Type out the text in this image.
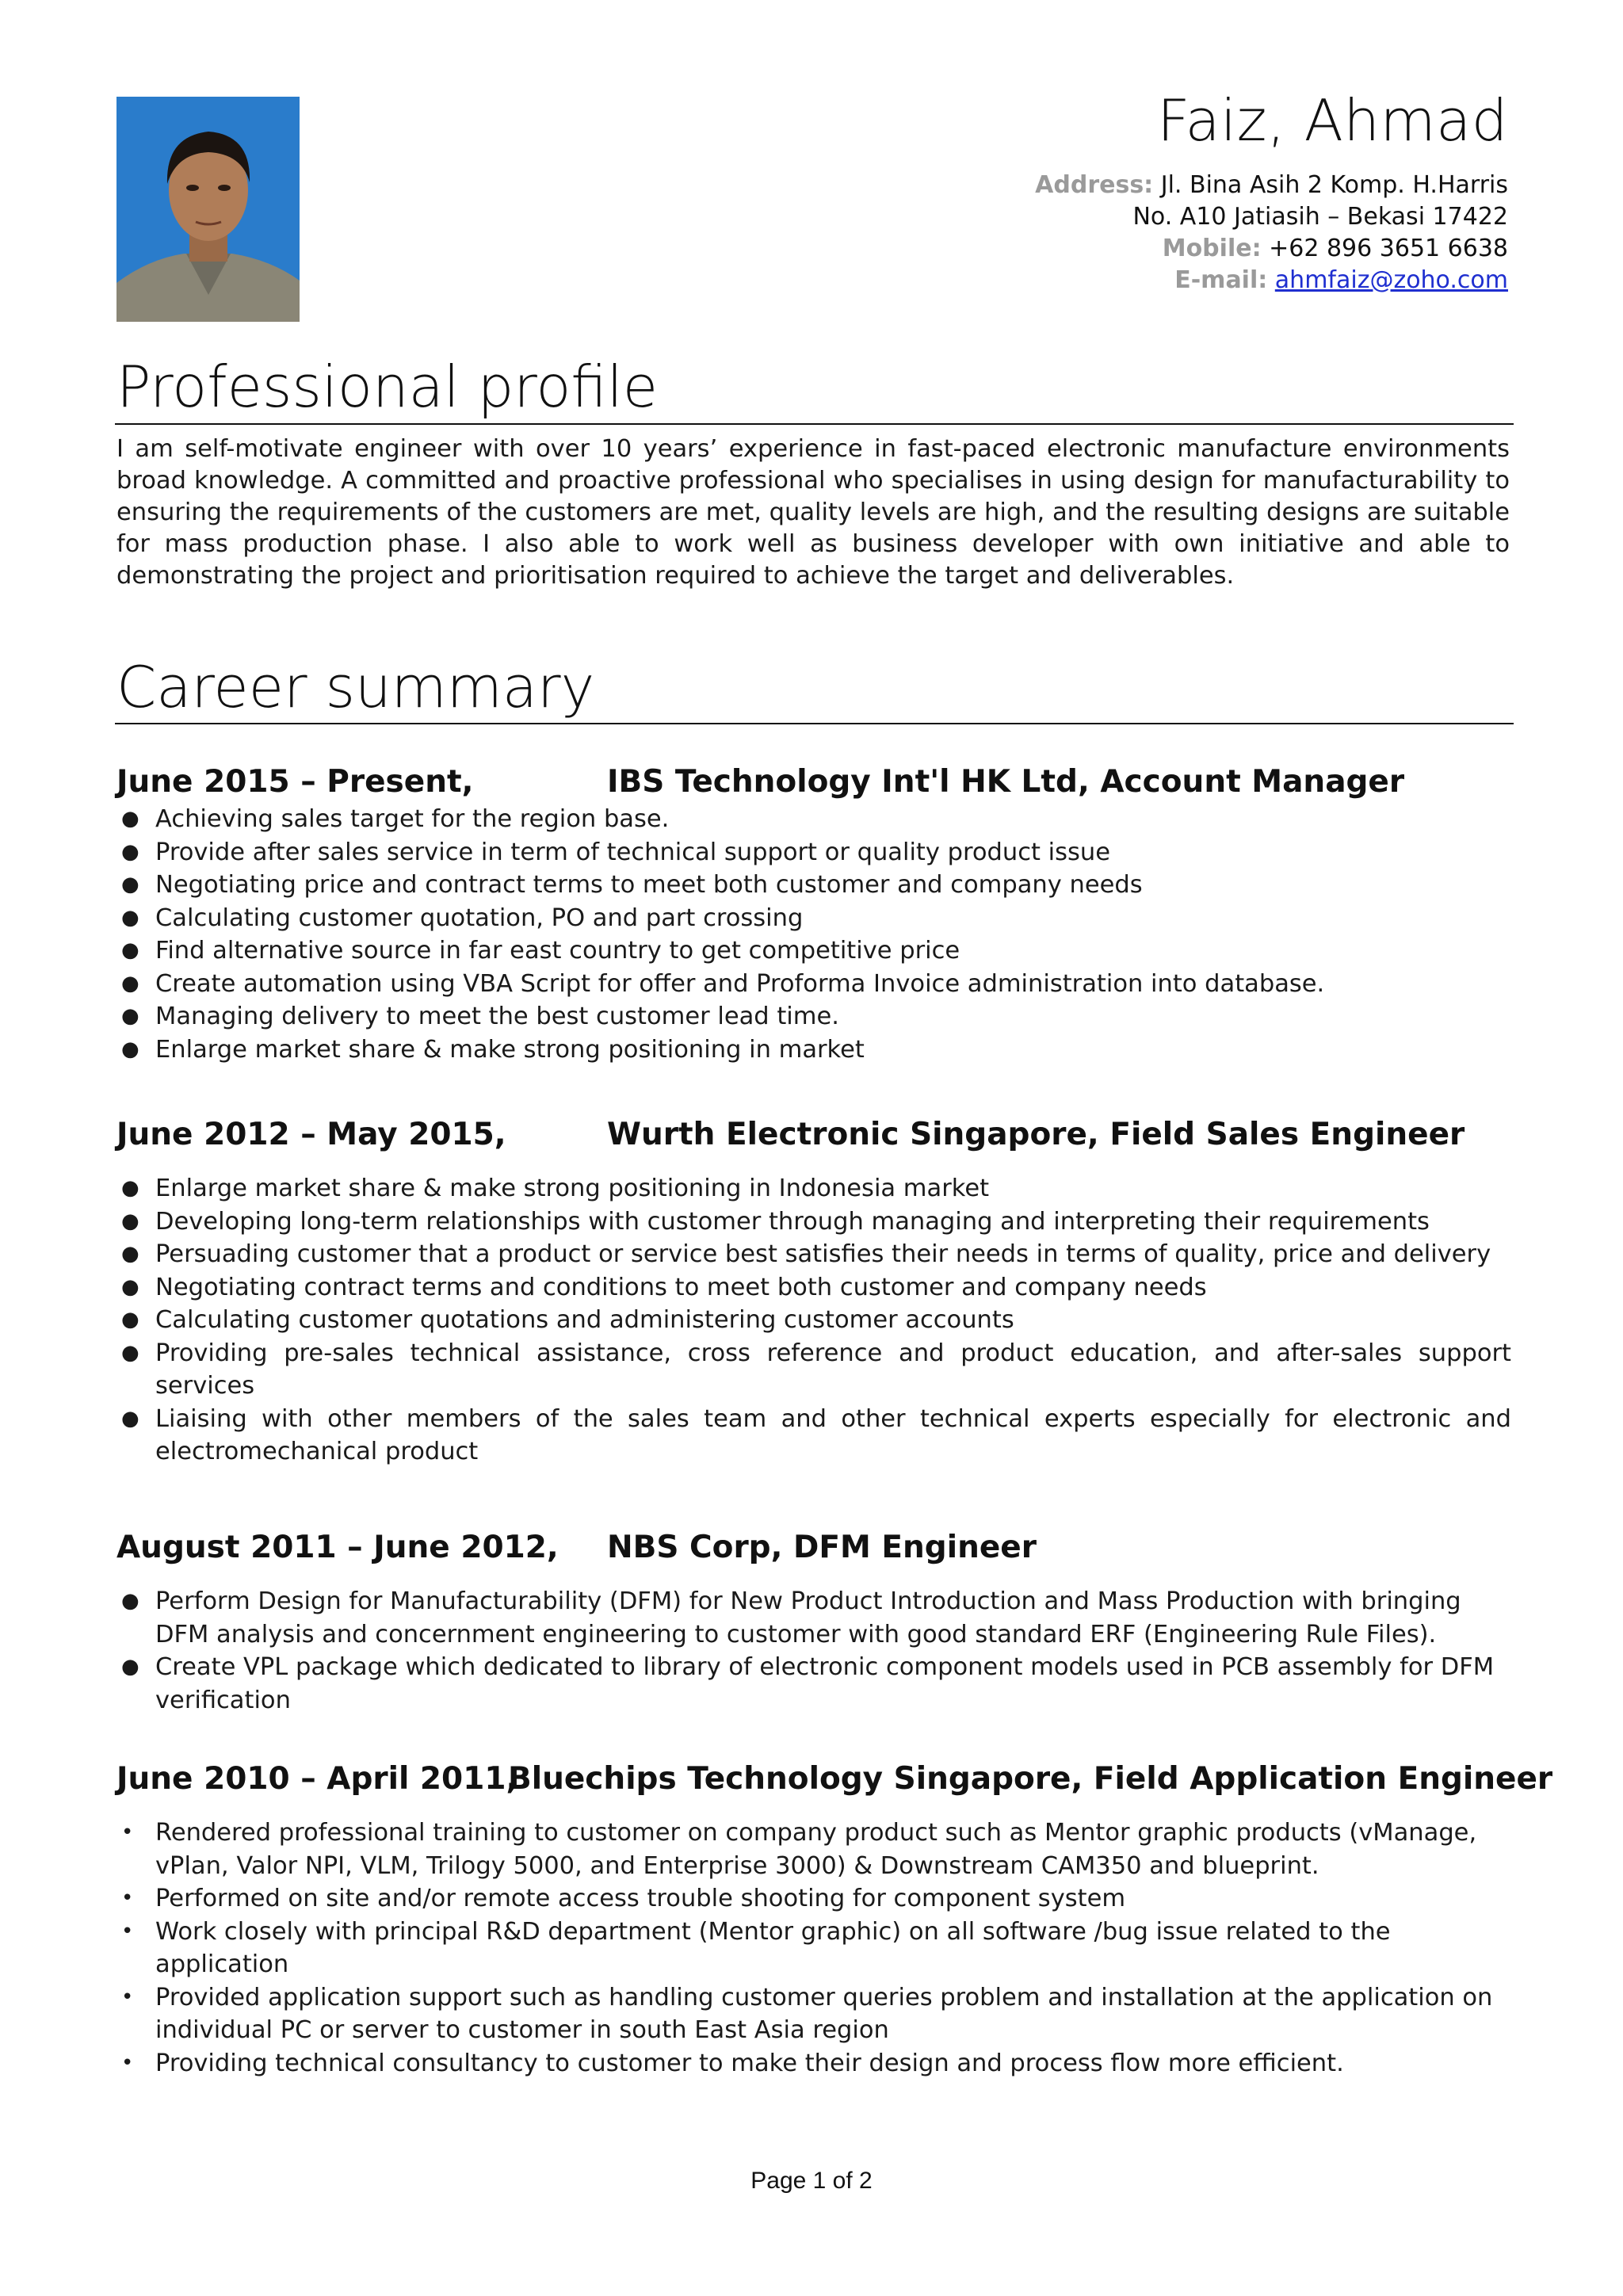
Faiz, Ahmad
Address: Jl. Bina Asih 2 Komp. H.Harris
No. A10 Jatiasih – Bekasi 17422
Mobile: +62 896 3651 6638
E-mail: ahmfaiz@zoho.com
Professional profile
I am self-motivate engineer with over 10 years’ experience in fast-paced electronic manufacture environments broad knowledge. A committed and proactive professional who specialises in using design for manufacturability to ensuring the requirements of the customers are met, quality levels are high, and the resulting designs are suitable for mass production phase. I also able to work well as business developer with own initiative and able to demonstrating the project and prioritisation required to achieve the target and deliverables.
Career summary
June 2015 – Present,	IBS Technology Int'l HK Ltd, Account Manager
● Achieving sales target for the region base.
● Provide after sales service in term of technical support or quality product issue
● Negotiating price and contract terms to meet both customer and company needs
● Calculating customer quotation, PO and part crossing
● Find alternative source in far east country to get competitive price
● Create automation using VBA Script for offer and Proforma Invoice administration into database.
● Managing delivery to meet the best customer lead time.
● Enlarge market share & make strong positioning in market
June 2012 – May 2015,	Wurth Electronic Singapore, Field Sales Engineer
● Enlarge market share & make strong positioning in Indonesia market
● Developing long-term relationships with customer through managing and interpreting their requirements
● Persuading customer that a product or service best satisfies their needs in terms of quality, price and delivery
● Negotiating contract terms and conditions to meet both customer and company needs
● Calculating customer quotations and administering customer accounts
● Providing pre-sales technical assistance, cross reference and product education, and after-sales support services
● Liaising with other members of the sales team and other technical experts especially for electronic and electromechanical product
August 2011 – June 2012, NBS Corp, DFM Engineer
● Perform Design for Manufacturability (DFM) for New Product Introduction and Mass Production with bringing DFM analysis and concernment engineering to customer with good standard ERF (Engineering Rule Files).
● Create VPL package which dedicated to library of electronic component models used in PCB assembly for DFM verification
June 2010 – April 2011,
Bluechips Technology Singapore, Field Application Engineer
• Rendered professional training to customer on company product such as Mentor graphic products (vManage, vPlan, Valor NPI, VLM, Trilogy 5000, and Enterprise 3000) & Downstream CAM350 and blueprint.
• Performed on site and/or remote access trouble shooting for component system
• Work closely with principal R&D department (Mentor graphic) on all software /bug issue related to the application
• Provided application support such as handling customer queries problem and installation at the application on individual PC or server to customer in south East Asia region
• Providing technical consultancy to customer to make their design and process flow more efficient.
Page 1 of 2
